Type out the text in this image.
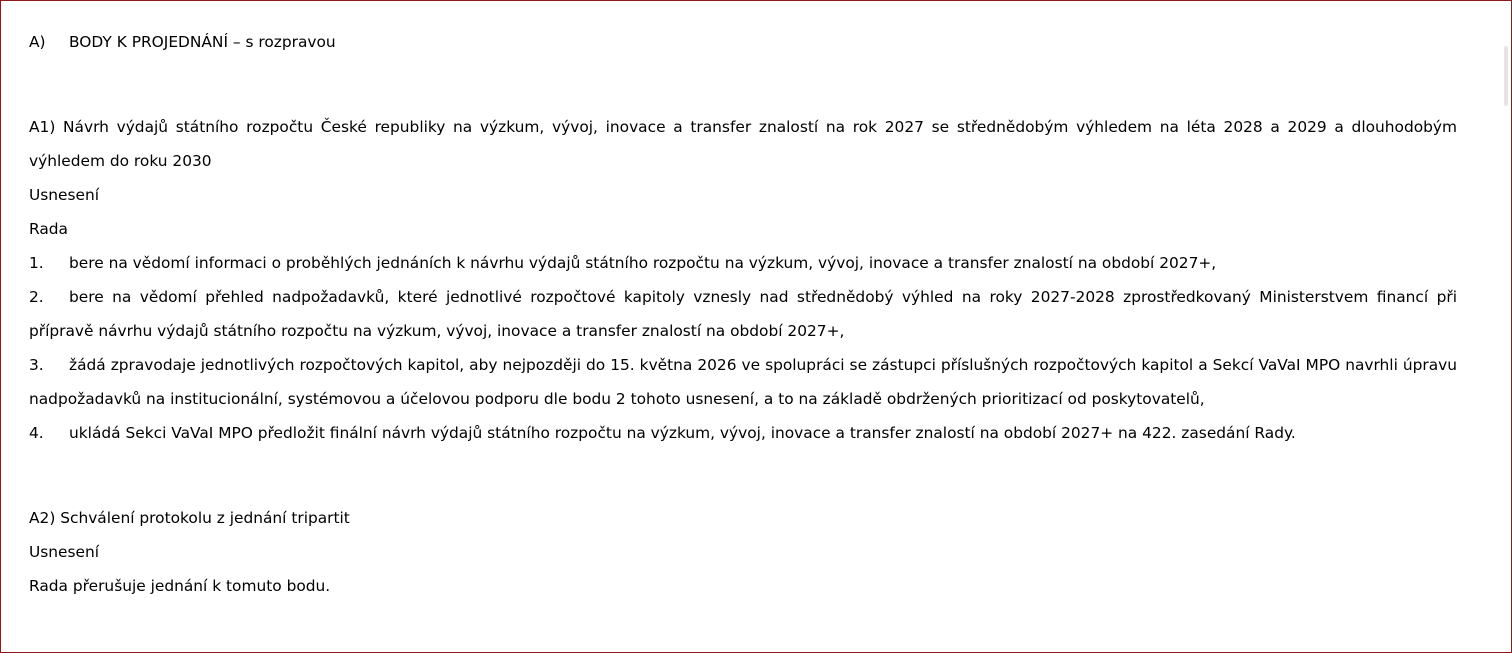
A) BODY K PROJEDNÁNÍ – s rozpravou

A1) Návrh výdajů státního rozpočtu České republiky na výzkum, vývoj, inovace a transfer znalostí na rok 2027 se střednědobým výhledem na léta 2028 a 2029 a dlouhodobým výhledem do roku 2030

Usnesení

Rada

1. bere na vědomí informaci o proběhlých jednáních k návrhu výdajů státního rozpočtu na výzkum, vývoj, inovace a transfer znalostí na období 2027+,

2. bere na vědomí přehled nadpožadavků, které jednotlivé rozpočtové kapitoly vznesly nad střednědobý výhled na roky 2027-2028 zprostředkovaný Ministerstvem financí při přípravě návrhu výdajů státního rozpočtu na výzkum, vývoj, inovace a transfer znalostí na období 2027+,

3. žádá zpravodaje jednotlivých rozpočtových kapitol, aby nejpozději do 15. května 2026 ve spolupráci se zástupci příslušných rozpočtových kapitol a Sekcí VaVaI MPO navrhli úpravu nadpožadavků na institucionální, systémovou a účelovou podporu dle bodu 2 tohoto usnesení, a to na základě obdržených prioritizací od poskytovatelů,

4. ukládá Sekci VaVaI MPO předložit finální návrh výdajů státního rozpočtu na výzkum, vývoj, inovace a transfer znalostí na období 2027+ na 422. zasedání Rady.

A2) Schválení protokolu z jednání tripartit

Usnesení

Rada přerušuje jednání k tomuto bodu.
